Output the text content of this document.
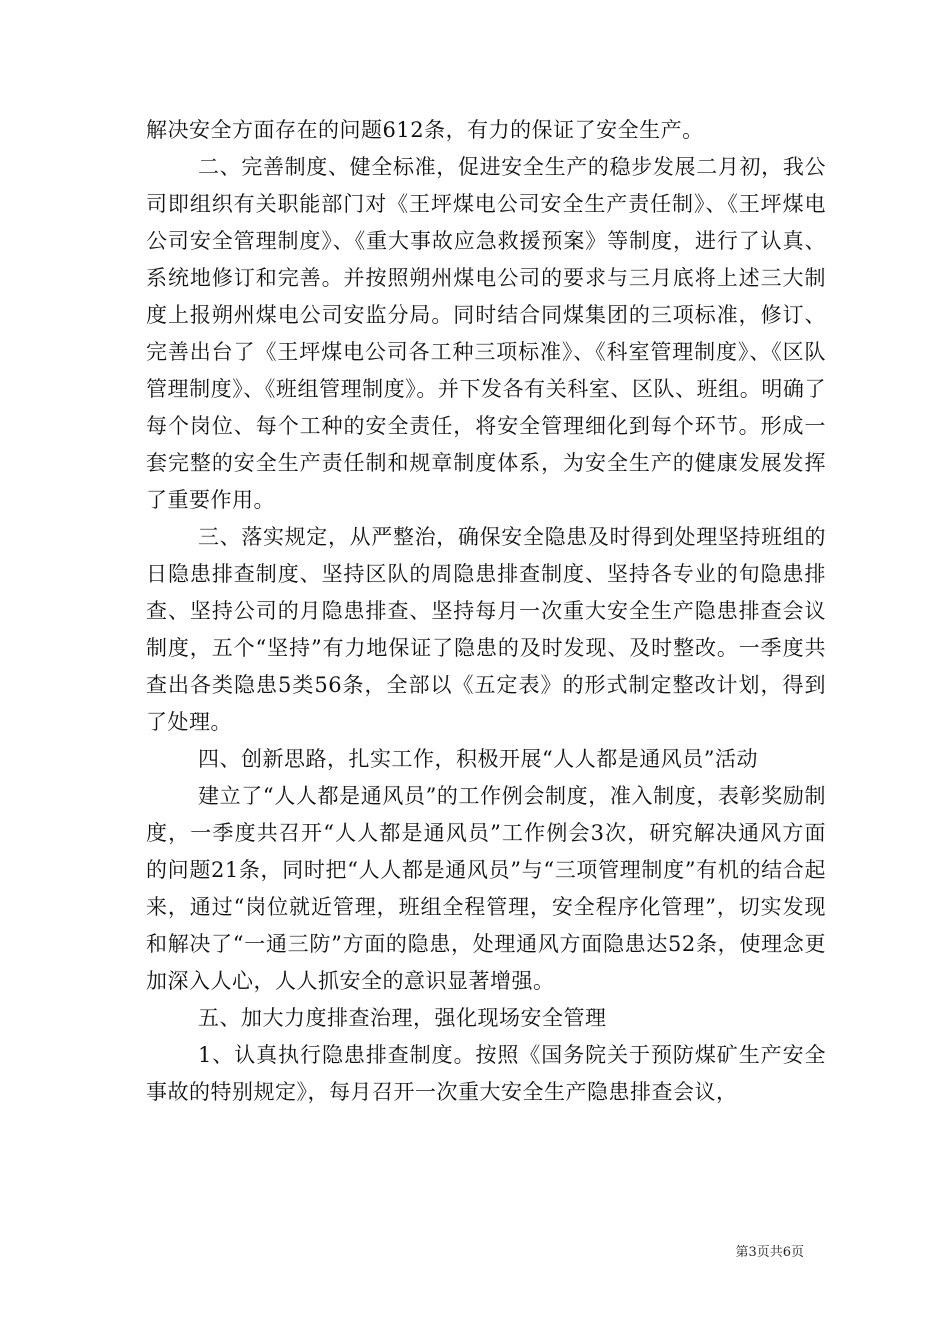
解决安全方面存在的问题612条，有力的保证了安全生产。

二、完善制度、健全标准，促进安全生产的稳步发展二月初，我公司即组织有关职能部门对《王坪煤电公司安全生产责任制》、《王坪煤电公司安全管理制度》、《重大事故应急救援预案》等制度，进行了认真、系统地修订和完善。并按照朔州煤电公司的要求与三月底将上述三大制度上报朔州煤电公司安监分局。同时结合同煤集团的三项标准，修订、完善出台了《王坪煤电公司各工种三项标准》、《科室管理制度》、《区队管理制度》、《班组管理制度》。并下发各有关科室、区队、班组。明确了每个岗位、每个工种的安全责任，将安全管理细化到每个环节。形成一套完整的安全生产责任制和规章制度体系，为安全生产的健康发展发挥了重要作用。

三、落实规定，从严整治，确保安全隐患及时得到处理坚持班组的日隐患排查制度、坚持区队的周隐患排查制度、坚持各专业的旬隐患排查、坚持公司的月隐患排查、坚持每月一次重大安全生产隐患排查会议制度，五个“坚持”有力地保证了隐患的及时发现、及时整改。一季度共查出各类隐患5类56条，全部以《五定表》的形式制定整改计划，得到了处理。

四、创新思路，扎实工作，积极开展“人人都是通风员”活动

建立了“人人都是通风员”的工作例会制度，准入制度，表彰奖励制度，一季度共召开“人人都是通风员”工作例会3次，研究解决通风方面的问题21条，同时把“人人都是通风员”与“三项管理制度”有机的结合起来，通过“岗位就近管理，班组全程管理，安全程序化管理”，切实发现和解决了“一通三防”方面的隐患，处理通风方面隐患达52条，使理念更加深入人心，人人抓安全的意识显著增强。

五、加大力度排查治理，强化现场安全管理

1、认真执行隐患排查制度。按照《国务院关于预防煤矿生产安全事故的特别规定》，每月召开一次重大安全生产隐患排查会议，

第3页共6页
